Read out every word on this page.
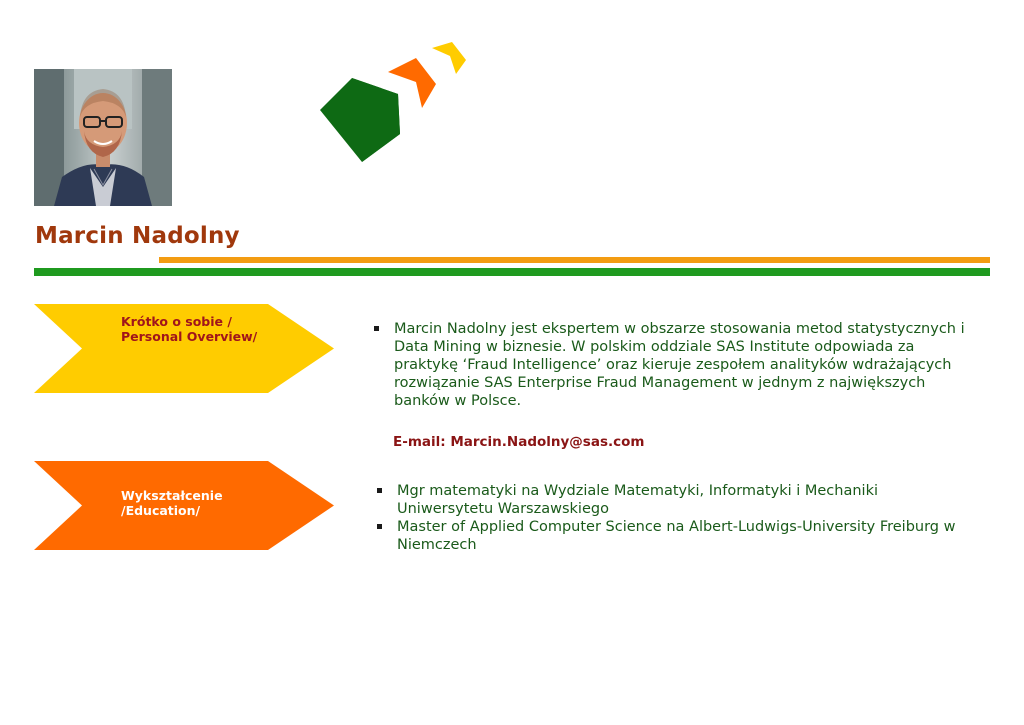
Marcin Nadolny
Krótko o sobie / Personal Overview/	Marcin Nadolny jest ekspertem w obszarze stosowania metod statystycznych i Data Mining w biznesie. W polskim oddziale SAS Institute odpowiada za praktykę ‘Fraud Intelligence’ oraz kieruje zespołem analityków wdrażających rozwiązanie SAS Enterprise Fraud Management w jednym z największych banków w Polsce.

E-mail: Marcin.Nadolny@sas.com

Wykształcenie /Education/
Mgr matematyki na Wydziale Matematyki, Informatyki i Mechaniki Uniwersytetu Warszawskiego
Master of Applied Computer Science na Albert-Ludwigs-University Freiburg w Niemczech
